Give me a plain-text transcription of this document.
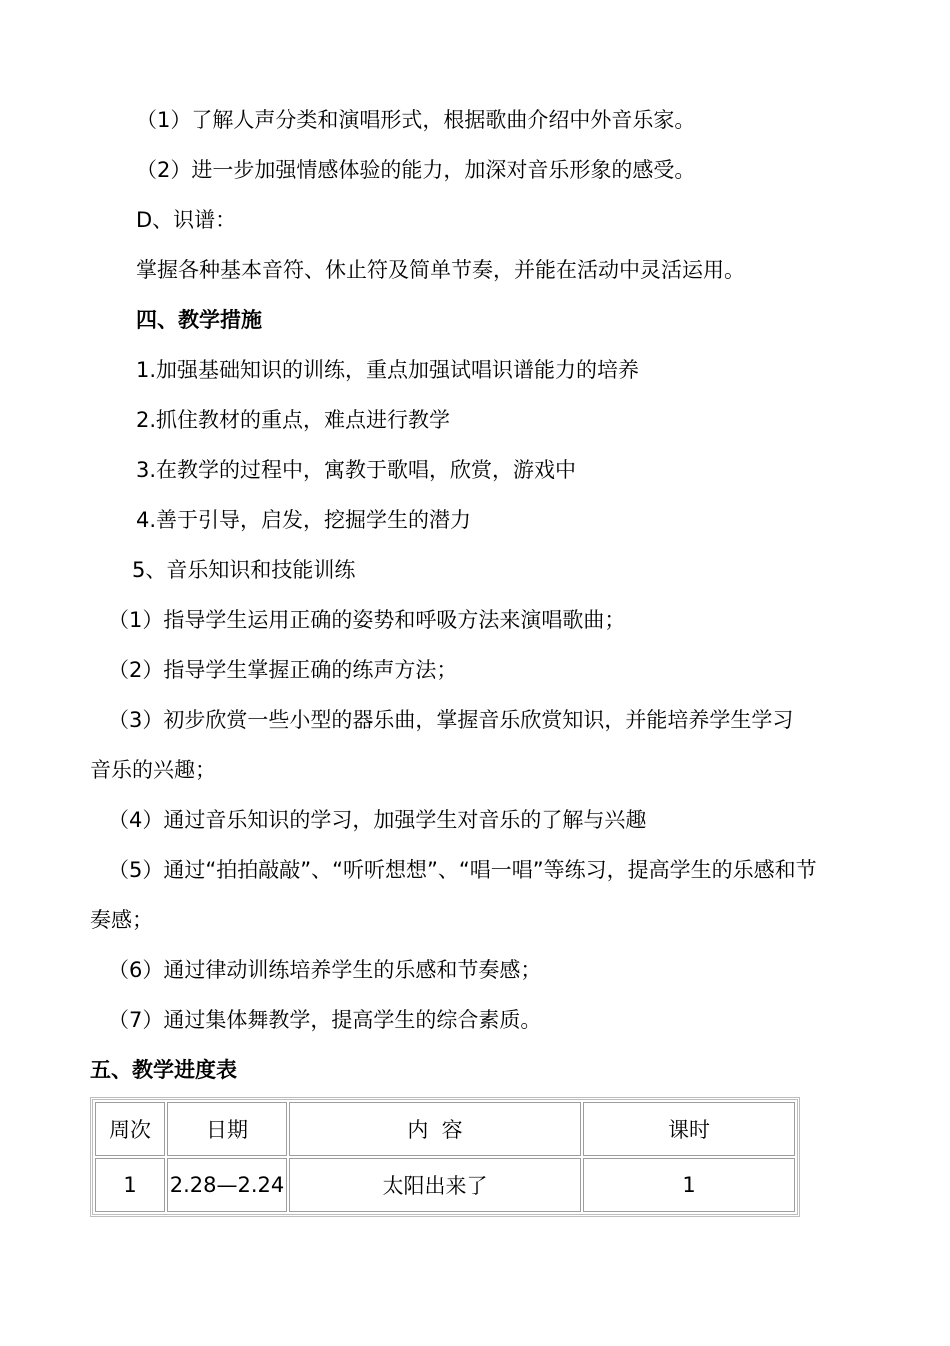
（1）了解人声分类和演唱形式，根据歌曲介绍中外音乐家。
（2）进一步加强情感体验的能力，加深对音乐形象的感受。
D、识谱：
掌握各种基本音符、休止符及简单节奏，并能在活动中灵活运用。
四、教学措施
1.加强基础知识的训练，重点加强试唱识谱能力的培养
2.抓住教材的重点，难点进行教学
3.在教学的过程中，寓教于歌唱，欣赏，游戏中
4.善于引导，启发，挖掘学生的潜力
5、音乐知识和技能训练
（1）指导学生运用正确的姿势和呼吸方法来演唱歌曲；
（2）指导学生掌握正确的练声方法；
（3）初步欣赏一些小型的器乐曲，掌握音乐欣赏知识，并能培养学生学习
音乐的兴趣；
（4）通过音乐知识的学习，加强学生对音乐的了解与兴趣
（5）通过“拍拍敲敲”、“听听想想”、“唱一唱”等练习，提高学生的乐感和节
奏感；
（6）通过律动训练培养学生的乐感和节奏感；
（7）通过集体舞教学，提高学生的综合素质。
五、教学进度表
周次	日期	内  容	课时
1	2.28—2.24	太阳出来了	1
